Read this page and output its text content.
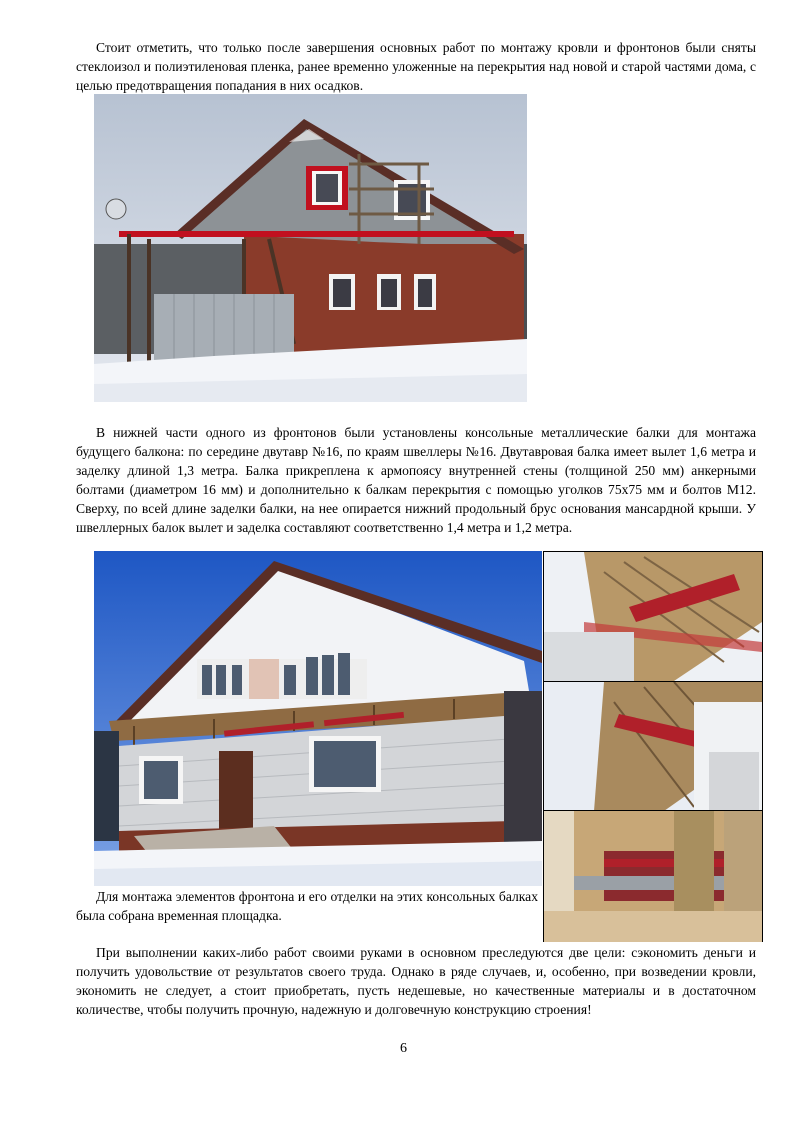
Стоит отметить, что только после завершения основных работ по монтажу кровли и фронтонов были сняты стеклоизол и полиэтиленовая пленка, ранее временно уложенные на перекрытия над новой и старой частями дома, с целью предотвращения попадания в них осадков.

В нижней части одного из фронтонов были установлены консольные металлические балки для монтажа будущего балкона: по середине двутавр №16, по краям швеллеры №16. Двутавровая балка имеет вылет 1,6 метра и заделку длиной 1,3 метра. Балка прикреплена к армопоясу внутренней стены (толщиной 250 мм) анкерными болтами (диаметром 16 мм) и дополнительно к балкам перекрытия с помощью уголков 75х75 мм и болтов М12. Сверху, по всей длине заделки балки, на нее опирается нижний продольный брус основания мансардной крыши. У швеллерных балок вылет и заделка составляют соответственно 1,4 метра и 1,2 метра.

Для монтажа элементов фронтона и его отделки на этих консольных балках была собрана временная площадка.

При выполнении каких-либо работ своими руками в основном преследуются две цели: сэкономить деньги и получить удовольствие от результатов своего труда. Однако в ряде случаев, и, особенно, при возведении кровли, экономить не следует, а стоит приобретать, пусть недешевые, но качественные материалы и в достаточном количестве, чтобы получить прочную, надежную и долговечную конструкцию строения!

6
